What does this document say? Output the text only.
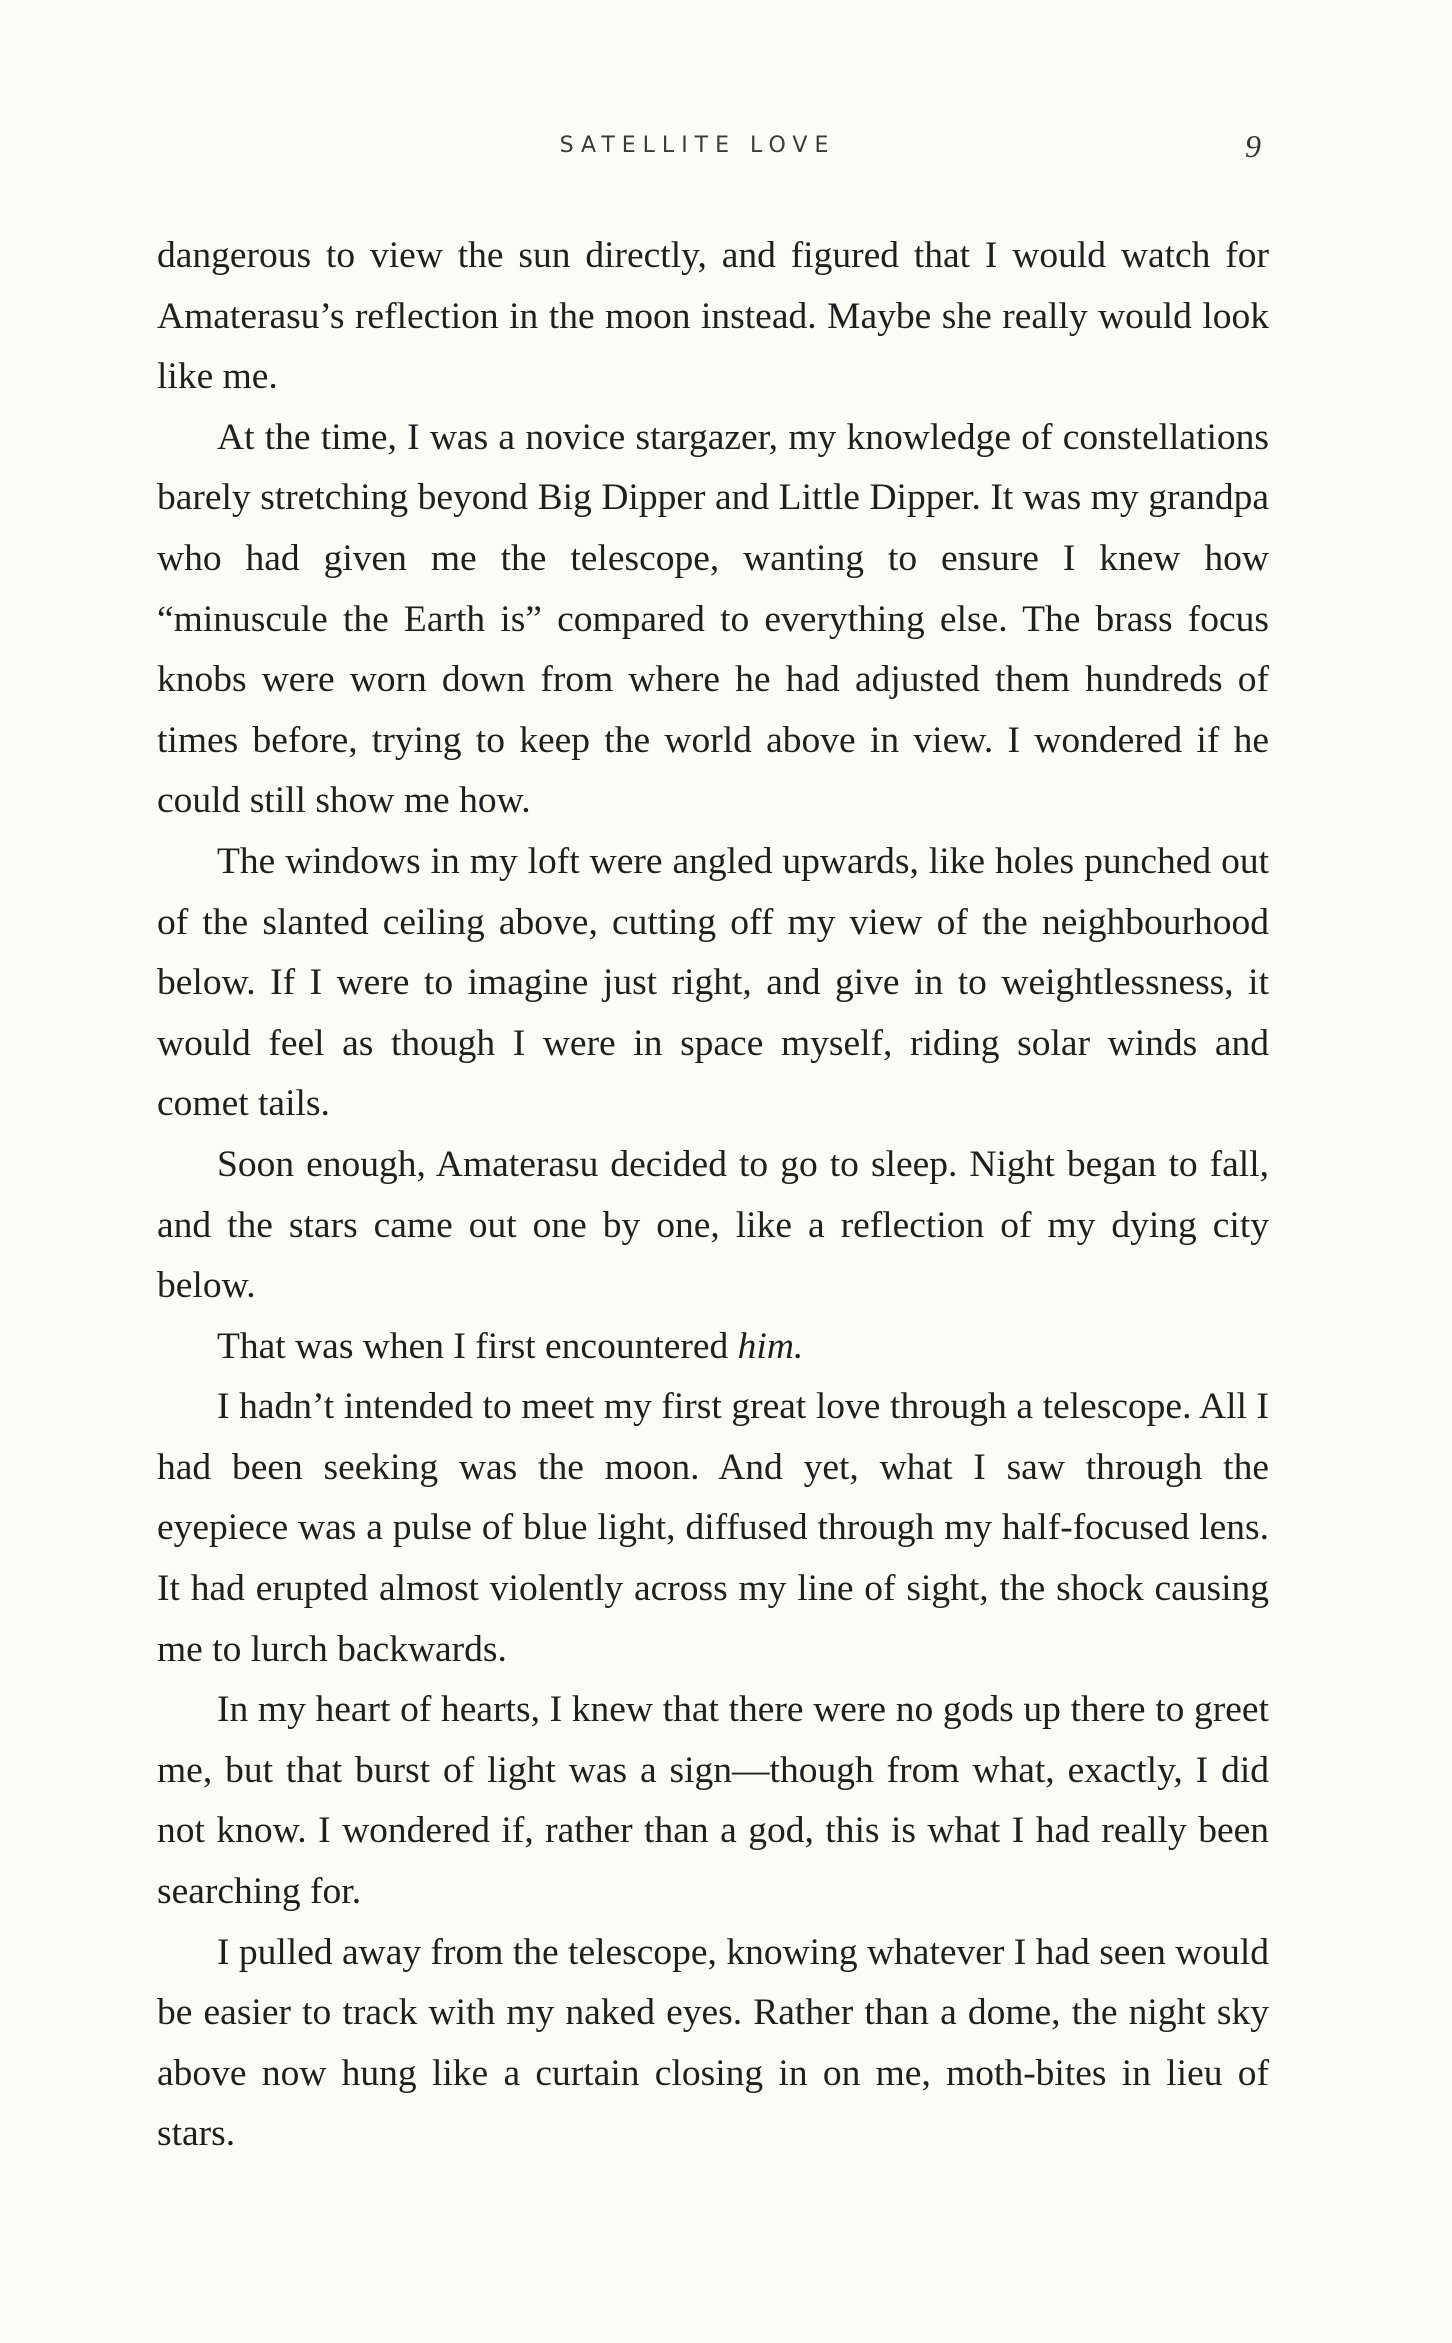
SATELLITE LOVE	9

dangerous to view the sun directly, and figured that I would watch for Amaterasu’s reflection in the moon instead. Maybe she really would look like me.

At the time, I was a novice stargazer, my knowledge of constellations barely stretching beyond Big Dipper and Little Dipper. It was my grandpa who had given me the telescope, wanting to ensure I knew how “minuscule the Earth is” compared to everything else. The brass focus knobs were worn down from where he had adjusted them hundreds of times before, trying to keep the world above in view. I wondered if he could still show me how.

The windows in my loft were angled upwards, like holes punched out of the slanted ceiling above, cutting off my view of the neighbourhood below. If I were to imagine just right, and give in to weightlessness, it would feel as though I were in space myself, riding solar winds and comet tails.

Soon enough, Amaterasu decided to go to sleep. Night began to fall, and the stars came out one by one, like a reflection of my dying city below.

That was when I first encountered him.

I hadn’t intended to meet my first great love through a telescope. All I had been seeking was the moon. And yet, what I saw through the eyepiece was a pulse of blue light, diffused through my half-focused lens. It had erupted almost violently across my line of sight, the shock causing me to lurch backwards.

In my heart of hearts, I knew that there were no gods up there to greet me, but that burst of light was a sign—though from what, exactly, I did not know. I wondered if, rather than a god, this is what I had really been searching for.

I pulled away from the telescope, knowing whatever I had seen would be easier to track with my naked eyes. Rather than a dome, the night sky above now hung like a curtain closing in on me, moth-bites in lieu of stars.
